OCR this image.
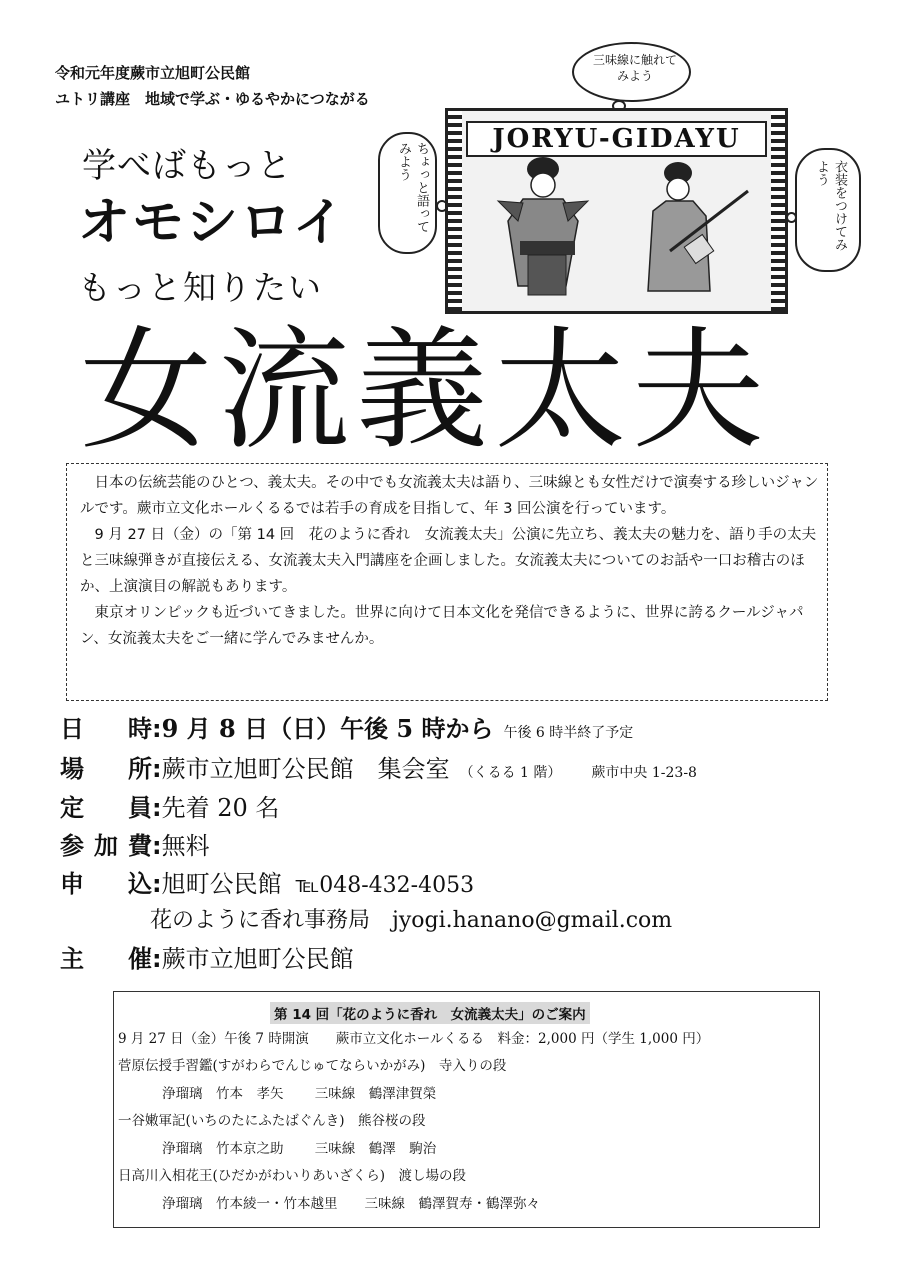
令和元年度蕨市立旭町公民館
ユトリ講座　地域で学ぶ・ゆるやかにつながる
学べばもっと
オモシロイ
もっと知りたい
三味線に触れてみよう
ちょっと語ってみよう	衣装をつけてみよう
JORYU-GIDAYU
女流義太夫

日本の伝統芸能のひとつ、義太夫。その中でも女流義太夫は語り、三味線とも女性だけで演奏する珍しいジャンルです。蕨市立文化ホールくるるでは若手の育成を目指して、年 3 回公演を行っています。

9 月 27 日（金）の「第 14 回　花のように香れ　女流義太夫」公演に先立ち、義太夫の魅力を、語り手の太夫と三味線弾きが直接伝える、女流義太夫入門講座を企画しました。女流義太夫についてのお話や一口お稽古のほか、上演演目の解説もあります。

東京オリンピックも近づいてきました。世界に向けて日本文化を発信できるように、世界に誇るクールジャパン、女流義太夫をご一緒に学んでみませんか。

日　時:9 月 8 日（日）午後 5 時から 午後 6 時半終了予定
場　所:蕨市立旭町公民館　集会室 （くるる 1 階） 蕨市中央 1-23-8
定　員:先着 20 名
参加費:無料
申　込:旭町公民館 ℡048-432-4053
花のように香れ事務局　jyogi.hanano@gmail.com
主　催:蕨市立旭町公民館
第 14 回「花のように香れ　女流義太夫」のご案内
9 月 27 日（金）午後 7 時開演　　蕨市立文化ホールくるる　料金：2,000 円（学生 1,000 円）
菅原伝授手習鑑(すがわらでんじゅてならいかがみ)　寺入りの段
浄瑠璃　竹本　孝矢　　 三味線　鶴澤津賀榮
一谷嫩軍記(いちのたにふたばぐんき)　熊谷桜の段
浄瑠璃　竹本京之助　　 三味線　鶴澤　駒治
日高川入相花王(ひだかがわいりあいざくら)　渡し場の段
浄瑠璃　竹本綾一・竹本越里　　三味線　鶴澤賀寿・鶴澤弥々
